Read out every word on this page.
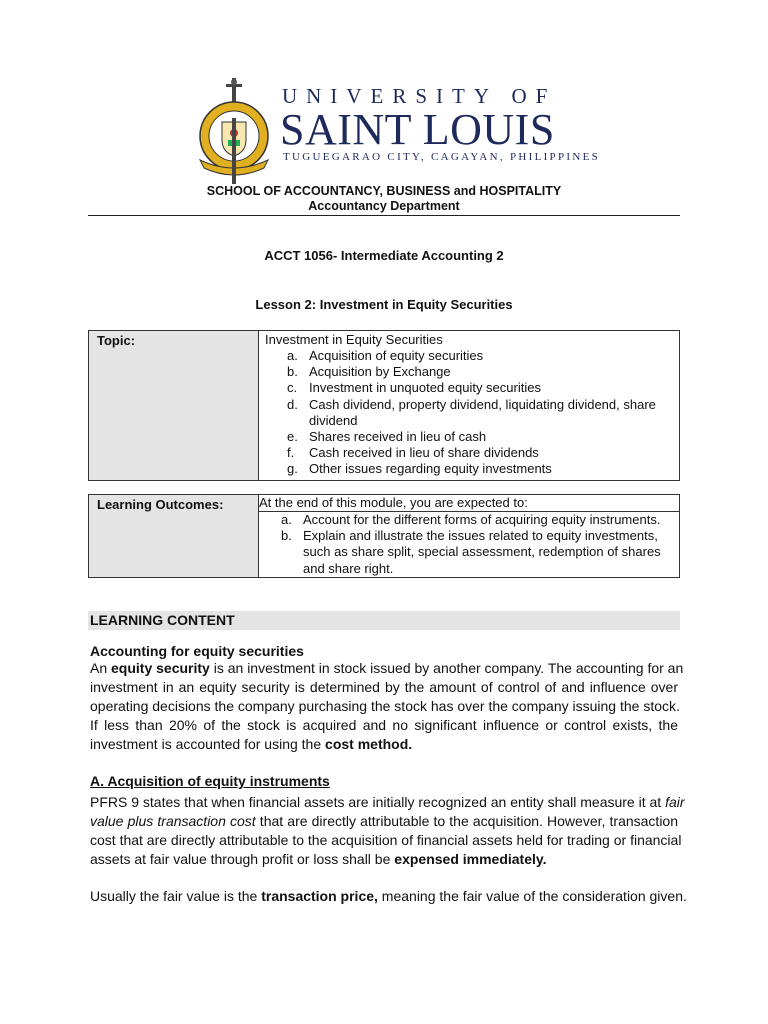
UNIVERSITY OF
SAINT LOUIS
TUGUEGARAO CITY, CAGAYAN, PHILIPPINES
SCHOOL OF ACCOUNTANCY, BUSINESS and HOSPITALITY
Accountancy Department
ACCT 1056- Intermediate Accounting 2
Lesson 2: Investment in Equity Securities
Topic:	Investment in Equity Securities
a. Acquisition of equity securities
b. Acquisition by Exchange
c. Investment in unquoted equity securities
d. Cash dividend, property dividend, liquidating dividend, share dividend
e. Shares received in lieu of cash
f. Cash received in lieu of share dividends
g. Other issues regarding equity investments
Learning Outcomes:	At the end of this module, you are expected to:

a. Account for the different forms of acquiring equity instruments.
b. Explain and illustrate the issues related to equity investments, such as share split, special assessment, redemption of shares and share right.
LEARNING CONTENT
Accounting for equity securities
An equity security is an investment in stock issued by another company. The accounting for an
investment in an equity security is determined by the amount of control of and influence over
operating decisions the company purchasing the stock has over the company issuing the stock.
If less than 20% of the stock is acquired and no significant influence or control exists, the
investment is accounted for using the cost method.
A. Acquisition of equity instruments
PFRS 9 states that when financial assets are initially recognized an entity shall measure it at fair
value plus transaction cost that are directly attributable to the acquisition. However, transaction
cost that are directly attributable to the acquisition of financial assets held for trading or financial
assets at fair value through profit or loss shall be expensed immediately.
Usually the fair value is the transaction price, meaning the fair value of the consideration given.
